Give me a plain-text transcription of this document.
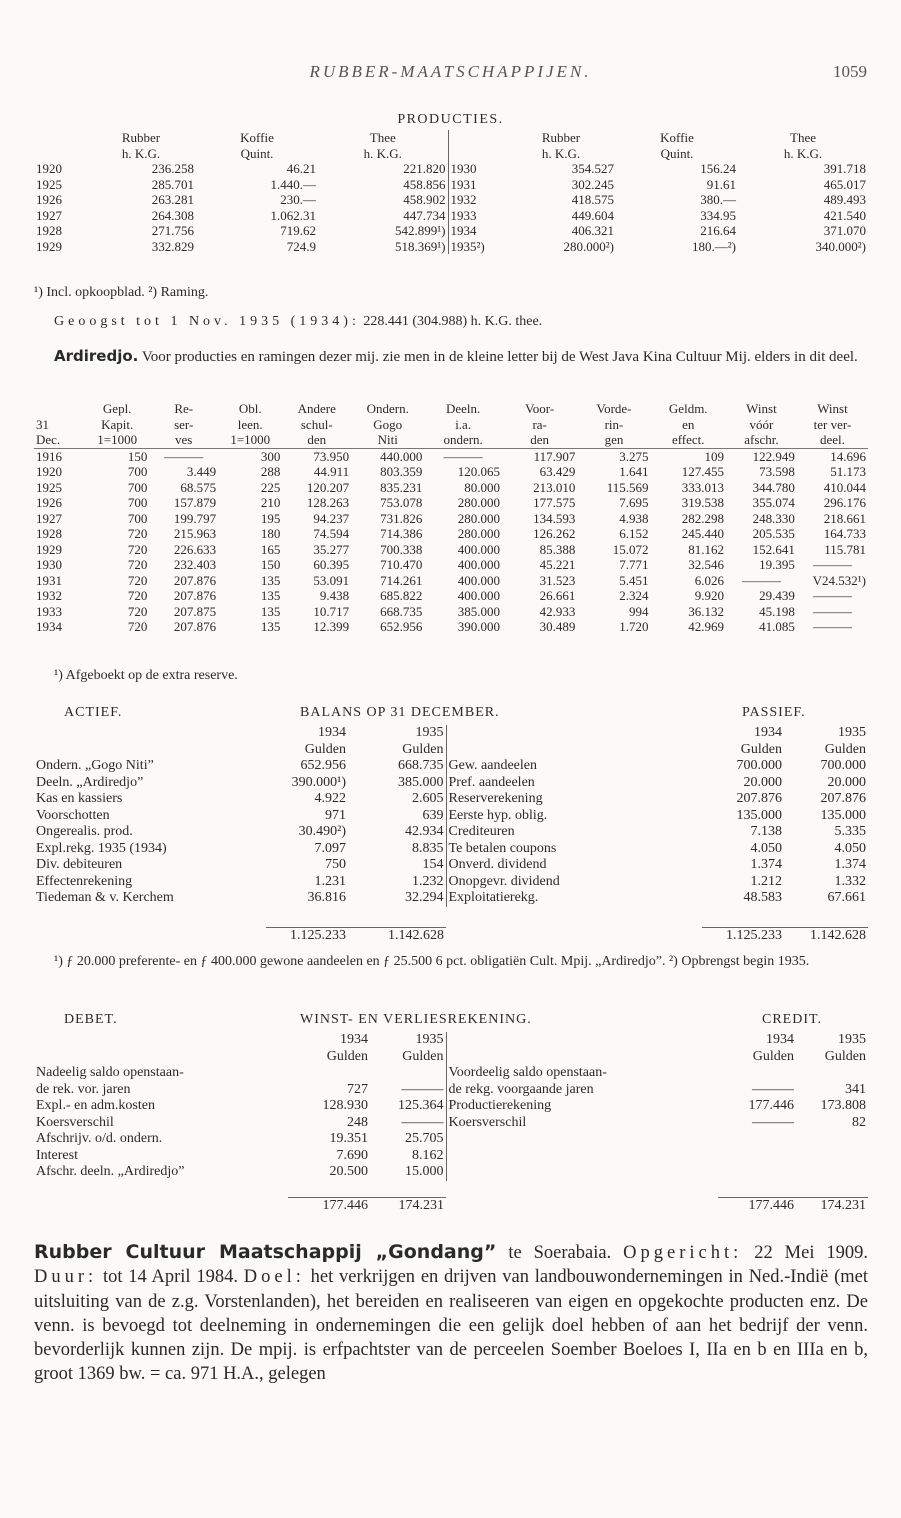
RUBBER-MAATSCHAPPIJEN.	1059
PRODUCTIES.
	Rubber	Koffie	Thee		Rubber	Koffie	Thee
	h. K.G.	Quint.	h. K.G.		h. K.G.	Quint.	h. K.G.
1920	236.258	46.21	221.820	1930	354.527	156.24	391.718
1925	285.701	1.440.—	458.856	1931	302.245	91.61	465.017
1926	263.281	230.—	458.902	1932	418.575	380.—	489.493
1927	264.308	1.062.31	447.734	1933	449.604	334.95	421.540
1928	271.756	719.62	542.899¹)	1934	406.321	216.64	371.070
1929	332.829	724.9	518.369¹)	1935²)	280.000²)	180.—²)	340.000²)
¹) Incl. opkoopblad. ²) Raming.
Geoogst tot 1 Nov. 1935 (1934): 228.441 (304.988) h. K.G. thee.
Ardiredjo. Voor producties en ramingen dezer mij. zie men in de kleine letter bij de West Java Kina Cultuur Mij. elders in dit deel.
	Gepl.	Re-	Obl.	Andere	Ondern.	Deeln.	Voor-	Vorde-	Geldm.	Winst	Winst
31	Kapit.	ser-	leen.	schul-	Gogo	i.a.	ra-	rin-	en	vóór	ter ver-
Dec.	1=1000	ves	1=1000	den	Niti	ondern.	den	gen	effect.	afschr.	deel.
1916	150	———	300	73.950	440.000	———	117.907	3.275	109	122.949	14.696
1920	700	3.449	288	44.911	803.359	120.065	63.429	1.641	127.455	73.598	51.173
1925	700	68.575	225	120.207	835.231	80.000	213.010	115.569	333.013	344.780	410.044
1926	700	157.879	210	128.263	753.078	280.000	177.575	7.695	319.538	355.074	296.176
1927	700	199.797	195	94.237	731.826	280.000	134.593	4.938	282.298	248.330	218.661
1928	720	215.963	180	74.594	714.386	280.000	126.262	6.152	245.440	205.535	164.733
1929	720	226.633	165	35.277	700.338	400.000	85.388	15.072	81.162	152.641	115.781
1930	720	232.403	150	60.395	710.470	400.000	45.221	7.771	32.546	19.395	———
1931	720	207.876	135	53.091	714.261	400.000	31.523	5.451	6.026	———	V24.532¹)
1932	720	207.876	135	9.438	685.822	400.000	26.661	2.324	9.920	29.439	———
1933	720	207.875	135	10.717	668.735	385.000	42.933	994	36.132	45.198	———
1934	720	207.876	135	12.399	652.956	390.000	30.489	1.720	42.969	41.085	———
¹) Afgeboekt op de extra reserve.
ACTIEF.	BALANS OP 31 DECEMBER.	PASSIEF.
	1934	1935		1934	1935
	Gulden	Gulden		Gulden	Gulden
Ondern. „Gogo Niti”	652.956	668.735	Gew. aandeelen	700.000	700.000
Deeln. „Ardiredjo”	390.000¹)	385.000	Pref. aandeelen	20.000	20.000
Kas en kassiers	4.922	2.605	Reserverekening	207.876	207.876
Voorschotten	971	639	Eerste hyp. oblig.	135.000	135.000
Ongerealis. prod.	30.490²)	42.934	Crediteuren	7.138	5.335
Expl.rekg. 1935 (1934)	7.097	8.835	Te betalen coupons	4.050	4.050
Div. debiteuren	750	154	Onverd. dividend	1.374	1.374
Effectenrekening	1.231	1.232	Onopgevr. dividend	1.212	1.332
Tiedeman & v. Kerchem	36.816	32.294	Exploitatierekg.	48.583	67.661

	1.125.233	1.142.628		1.125.233	1.142.628
¹) ƒ 20.000 preferente- en ƒ 400.000 gewone aandeelen en ƒ 25.500 6 pct. obligatiën Cult. Mpij. „Ardiredjo”. ²) Opbrengst begin 1935.
DEBET.	WINST- EN VERLIESREKENING.	CREDIT.
	1934	1935		1934	1935
	Gulden	Gulden		Gulden	Gulden
Nadeelig saldo openstaan-			Voordeelig saldo openstaan-		
de rek. vor. jaren	727	———	de rekg. voorgaande jaren	———	341
Expl.- en adm.kosten	128.930	125.364	Productierekening	177.446	173.808
Koersverschil	248	———	Koersverschil	———	82
Afschrijv. o/d. ondern.	19.351	25.705			
Interest	7.690	8.162			
Afschr. deeln. „Ardiredjo”	20.500	15.000			

	177.446	174.231		177.446	174.231
Rubber Cultuur Maatschappij „Gondang” te Soerabaia. Opgericht: 22 Mei 1909. Duur: tot 14 April 1984. Doel: het verkrijgen en drijven van landbouwondernemingen in Ned.-Indië (met uitsluiting van de z.g. Vorstenlanden), het bereiden en realiseeren van eigen en opgekochte producten enz. De venn. is bevoegd tot deelneming in ondernemingen die een gelijk doel hebben of aan het bedrijf der venn. bevorderlijk kunnen zijn. De mpij. is erfpachtster van de perceelen Soember Boeloes I, IIa en b en IIIa en b, groot 1369 bw. = ca. 971 H.A., gelegen
